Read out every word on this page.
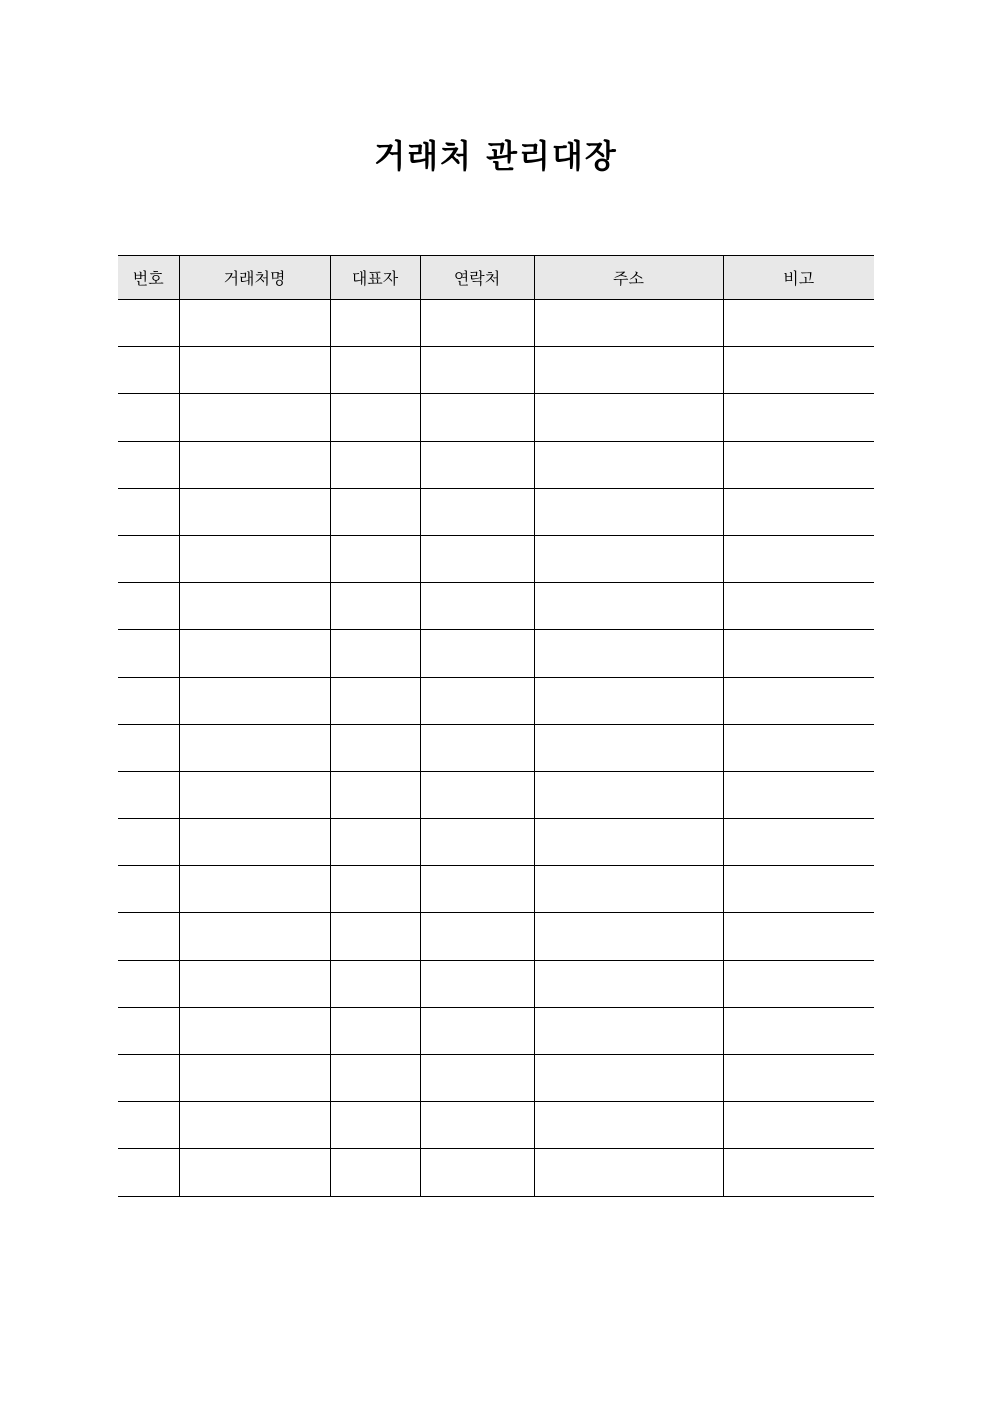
거래처 관리대장
번호	거래처명	대표자	연락처	주소	비고
